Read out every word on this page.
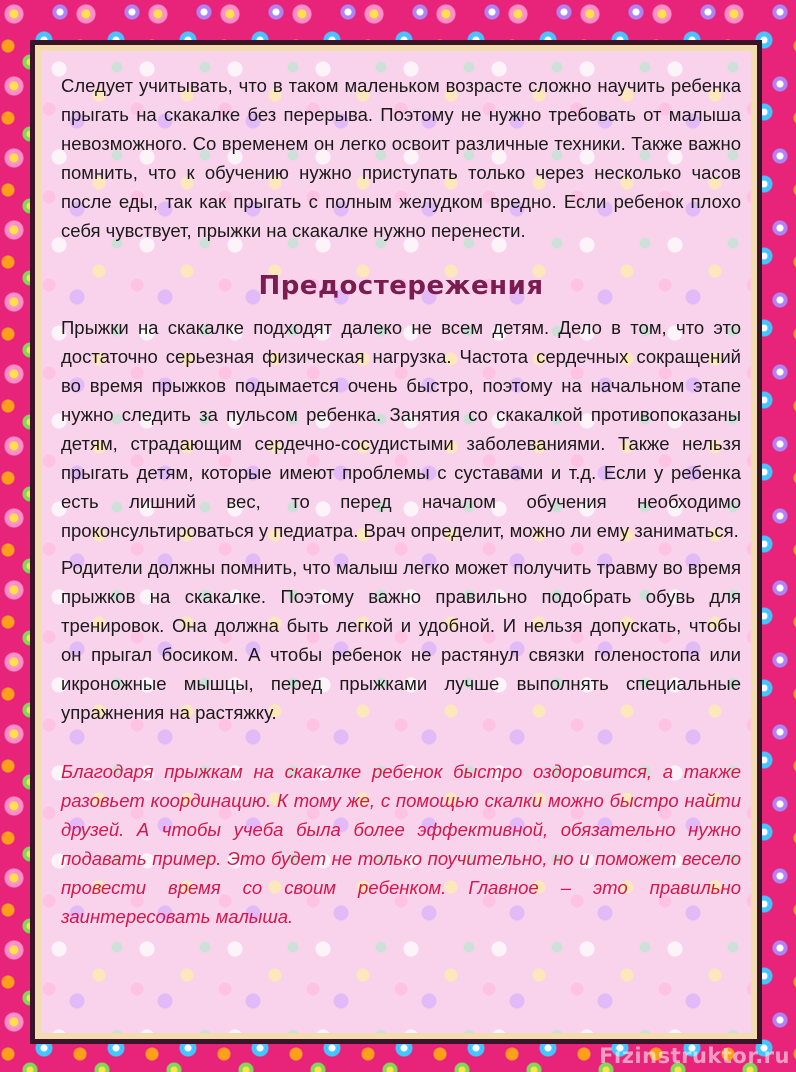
Следует учитывать, что в таком маленьком возрасте сложно научить ребенка прыгать на скакалке без перерыва. Поэтому не нужно требовать от малыша невозможного. Со временем он легко освоит различные техники. Также важно помнить, что к обучению нужно приступать только через несколько часов после еды, так как прыгать с полным желудком вредно. Если ребенок плохо себя чувствует, прыжки на скакалке нужно перенести.

Предостережения

Прыжки на скакалке подходят далеко не всем детям. Дело в том, что это достаточно серьезная физическая нагрузка. Частота сердечных сокращений во время прыжков подымается очень быстро, поэтому на начальном этапе нужно следить за пульсом ребенка. Занятия со скакалкой противопоказаны детям, страдающим сердечно-сосудистыми заболеваниями. Также нельзя прыгать детям, которые имеют проблемы с суставами и т.д. Если у ребенка есть лишний вес, то перед началом обучения необходимо проконсультироваться у педиатра. Врач определит, можно ли ему заниматься.

Родители должны помнить, что малыш легко может получить травму во время прыжков на скакалке. Поэтому важно правильно подобрать обувь для тренировок. Она должна быть легкой и удобной. И нельзя допускать, чтобы он прыгал босиком. А чтобы ребенок не растянул связки голеностопа или икроножные мышцы, перед прыжками лучше выполнять специальные упражнения на растяжку.

Благодаря прыжкам на скакалке ребенок быстро оздоровится, а также разовьет координацию. К тому же, с помощью скалки можно быстро найти друзей. А чтобы учеба была более эффективной, обязательно нужно подавать пример. Это будет не только поучительно, но и поможет весело провести время со своим ребенком. Главное – это правильно заинтересовать малыша.

Fizinstruktor.ru
